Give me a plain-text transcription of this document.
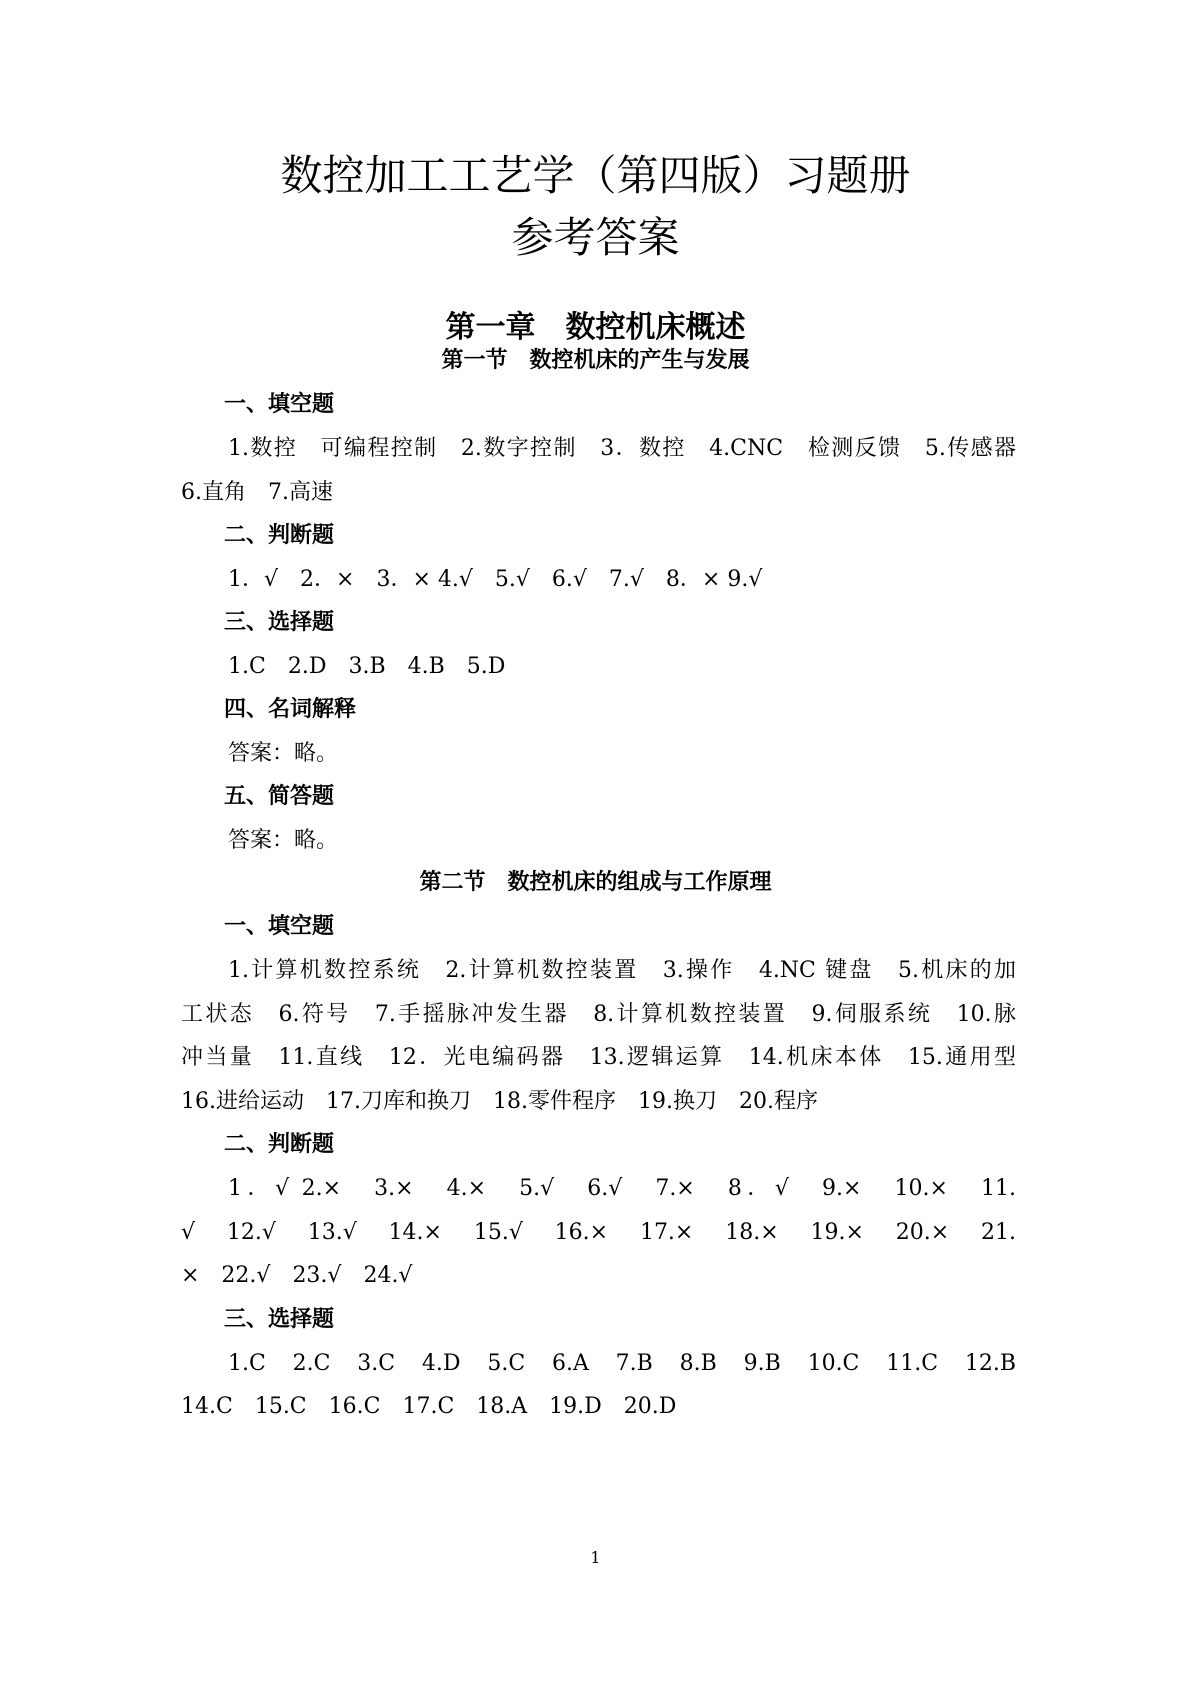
数控加工工艺学（第四版）习题册
参考答案
第一章　数控机床概述
第一节　数控机床的产生与发展
一、填空题
1.数控　可编程控制　2.数字控制　3．数控　4.CNC　检测反馈　5.传感器
6.直角　7.高速
二、判断题
1．√　2．×　3．× 4.√　5.√　6.√　7.√　8．× 9.√
三、选择题
1.C　2.D　3.B　4.B　5.D
四、名词解释
答案：略。
五、简答题
答案：略。
第二节　数控机床的组成与工作原理
一、填空题
1.计算机数控系统　2.计算机数控装置　3.操作　4.NC 键盘　5.机床的加
工状态　6.符号　7.手摇脉冲发生器　8.计算机数控装置　9.伺服系统　10.脉
冲当量　11.直线　12．光电编码器　13.逻辑运算　14.机床本体　15.通用型
16.进给运动　17.刀库和换刀　18.零件程序　19.换刀　20.程序
二、判断题
1．√ 2.×　3.×　4.×　5.√　6.√　7.×　8．√　9.×　10.×　11.
√　12.√　13.√　14.×　15.√　16.×　17.×　18.×　19.×　20.×　21.
×　22.√　23.√　24.√
三、选择题
1.C　2.C　3.C　4.D　5.C　6.A　7.B　8.B　9.B　10.C　11.C　12.B　
14.C　15.C　16.C　17.C　18.A　19.D　20.D
1
